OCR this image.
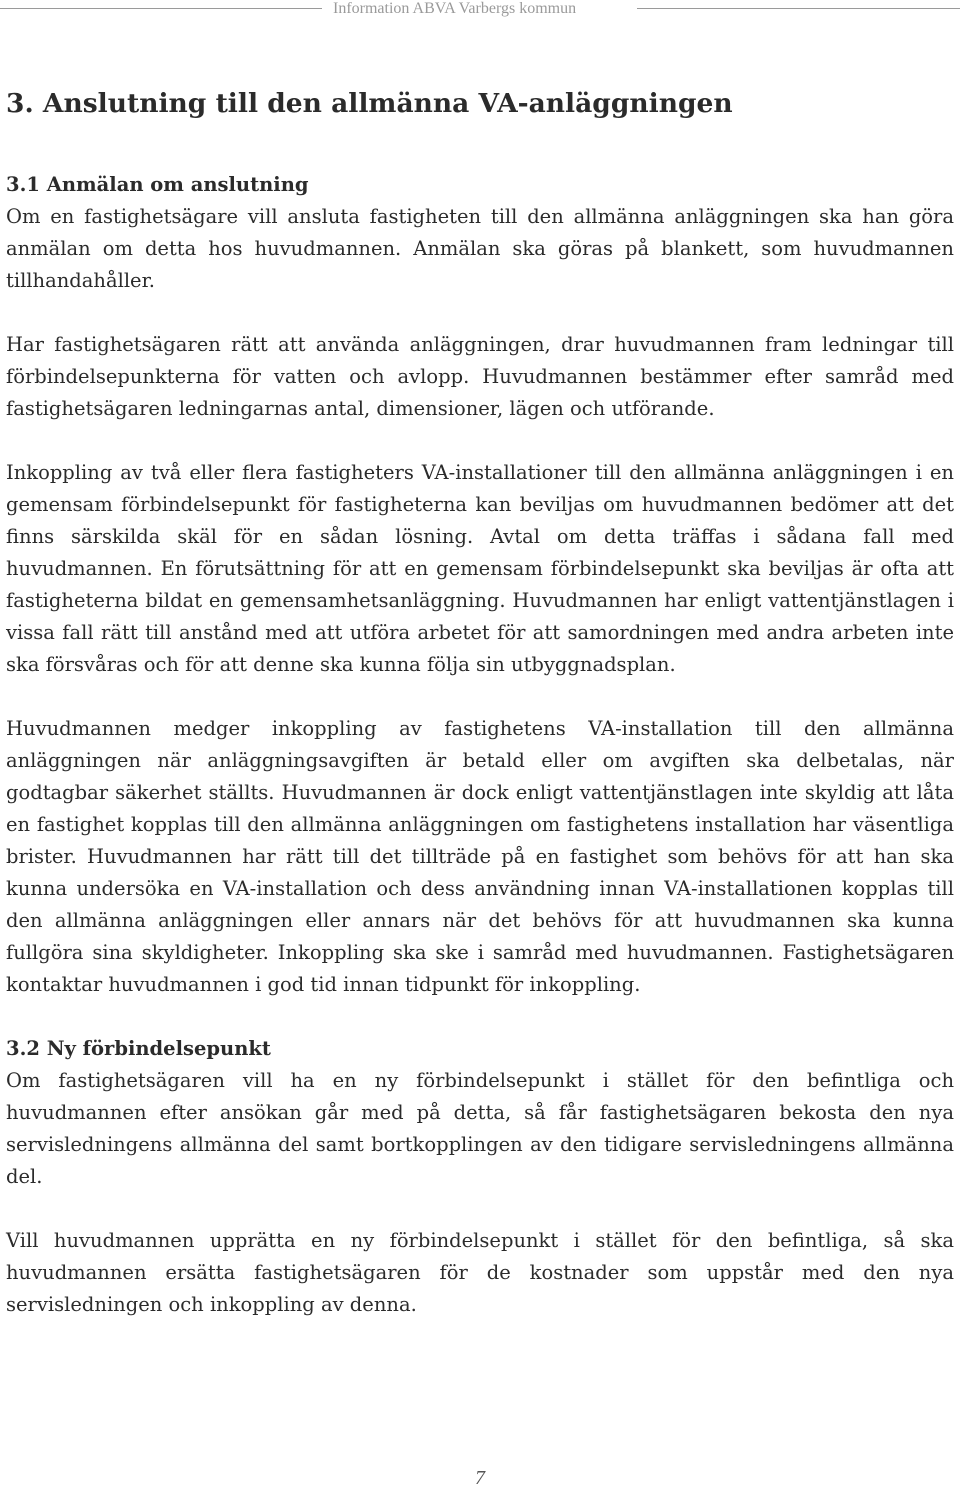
Information ABVA Varbergs kommun
3. Anslutning till den allmänna VA-anläggningen
3.1 Anmälan om anslutning

Om en fastighetsägare vill ansluta fastigheten till den allmänna anläggningen ska han göra anmälan om detta hos huvudmannen. Anmälan ska göras på blankett, som huvudmannen tillhandahåller.

Har fastighetsägaren rätt att använda anläggningen, drar huvudmannen fram ledningar till förbindelsepunkterna för vatten och avlopp. Huvudmannen bestämmer efter samråd med fastighetsägaren ledningarnas antal, dimensioner, lägen och utförande.

Inkoppling av två eller flera fastigheters VA-installationer till den allmänna anläggningen i en gemensam förbindelsepunkt för fastigheterna kan beviljas om huvudmannen bedömer att det finns särskilda skäl för en sådan lösning. Avtal om detta träffas i sådana fall med huvudmannen. En förutsättning för att en gemensam förbindelsepunkt ska beviljas är ofta att fastigheterna bildat en gemensamhetsanläggning. Huvudmannen har enligt vattentjänstlagen i vissa fall rätt till anstånd med att utföra arbetet för att samordningen med andra arbeten inte ska försvåras och för att denne ska kunna följa sin utbyggnadsplan.

Huvudmannen medger inkoppling av fastighetens VA-installation till den allmänna anläggningen när anläggningsavgiften är betald eller om avgiften ska delbetalas, när godtagbar säkerhet ställts. Huvudmannen är dock enligt vattentjänstlagen inte skyldig att låta en fastighet kopplas till den allmänna anläggningen om fastighetens installation har väsentliga brister. Huvudmannen har rätt till det tillträde på en fastighet som behövs för att han ska kunna undersöka en VA-installation och dess användning innan VA-installationen kopplas till den allmänna anläggningen eller annars när det behövs för att huvudmannen ska kunna fullgöra sina skyldigheter. Inkoppling ska ske i samråd med huvudmannen. Fastighetsägaren kontaktar huvudmannen i god tid innan tidpunkt för inkoppling.

3.2 Ny förbindelsepunkt

Om fastighetsägaren vill ha en ny förbindelsepunkt i stället för den befintliga och huvudmannen efter ansökan går med på detta, så får fastighetsägaren bekosta den nya servisledningens allmänna del samt bortkopplingen av den tidigare servisledningens allmänna del.

Vill huvudmannen upprätta en ny förbindelsepunkt i stället för den befintliga, så ska huvudmannen ersätta fastighetsägaren för de kostnader som uppstår med den nya servisledningen och inkoppling av denna.

7
